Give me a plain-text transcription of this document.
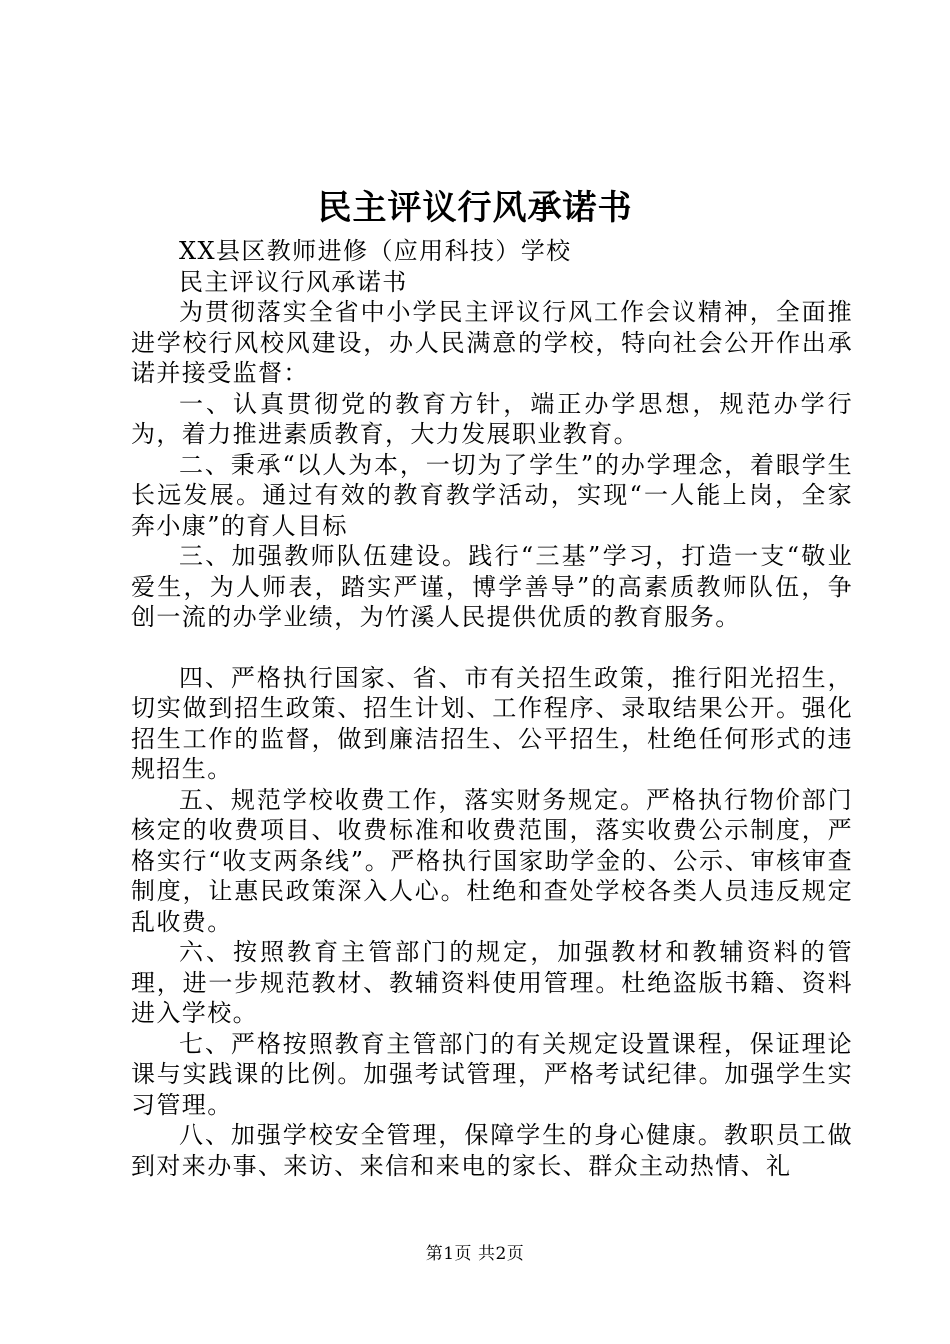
民主评议行风承诺书

XX县区教师进修（应用科技）学校

民主评议行风承诺书

为贯彻落实全省中小学民主评议行风工作会议精神，全面推进学校行风校风建设，办人民满意的学校，特向社会公开作出承诺并接受监督：

一、认真贯彻党的教育方针，端正办学思想，规范办学行为，着力推进素质教育，大力发展职业教育。

二、秉承“以人为本，一切为了学生”的办学理念，着眼学生长远发展。通过有效的教育教学活动，实现“一人能上岗，全家奔小康”的育人目标

三、加强教师队伍建设。践行“三基”学习，打造一支“敬业爱生，为人师表，踏实严谨，博学善导”的高素质教师队伍，争创一流的办学业绩，为竹溪人民提供优质的教育服务。

四、严格执行国家、省、市有关招生政策，推行阳光招生，切实做到招生政策、招生计划、工作程序、录取结果公开。强化招生工作的监督，做到廉洁招生、公平招生，杜绝任何形式的违规招生。

五、规范学校收费工作，落实财务规定。严格执行物价部门核定的收费项目、收费标准和收费范围，落实收费公示制度，严格实行“收支两条线”。严格执行国家助学金的、公示、审核审查制度，让惠民政策深入人心。杜绝和查处学校各类人员违反规定乱收费。

六、按照教育主管部门的规定，加强教材和教辅资料的管理，进一步规范教材、教辅资料使用管理。杜绝盗版书籍、资料进入学校。

七、严格按照教育主管部门的有关规定设置课程，保证理论课与实践课的比例。加强考试管理，严格考试纪律。加强学生实习管理。

八、加强学校安全管理，保障学生的身心健康。教职员工做到对来办事、来访、来信和来电的家长、群众主动热情、礼

第1页 共2页
